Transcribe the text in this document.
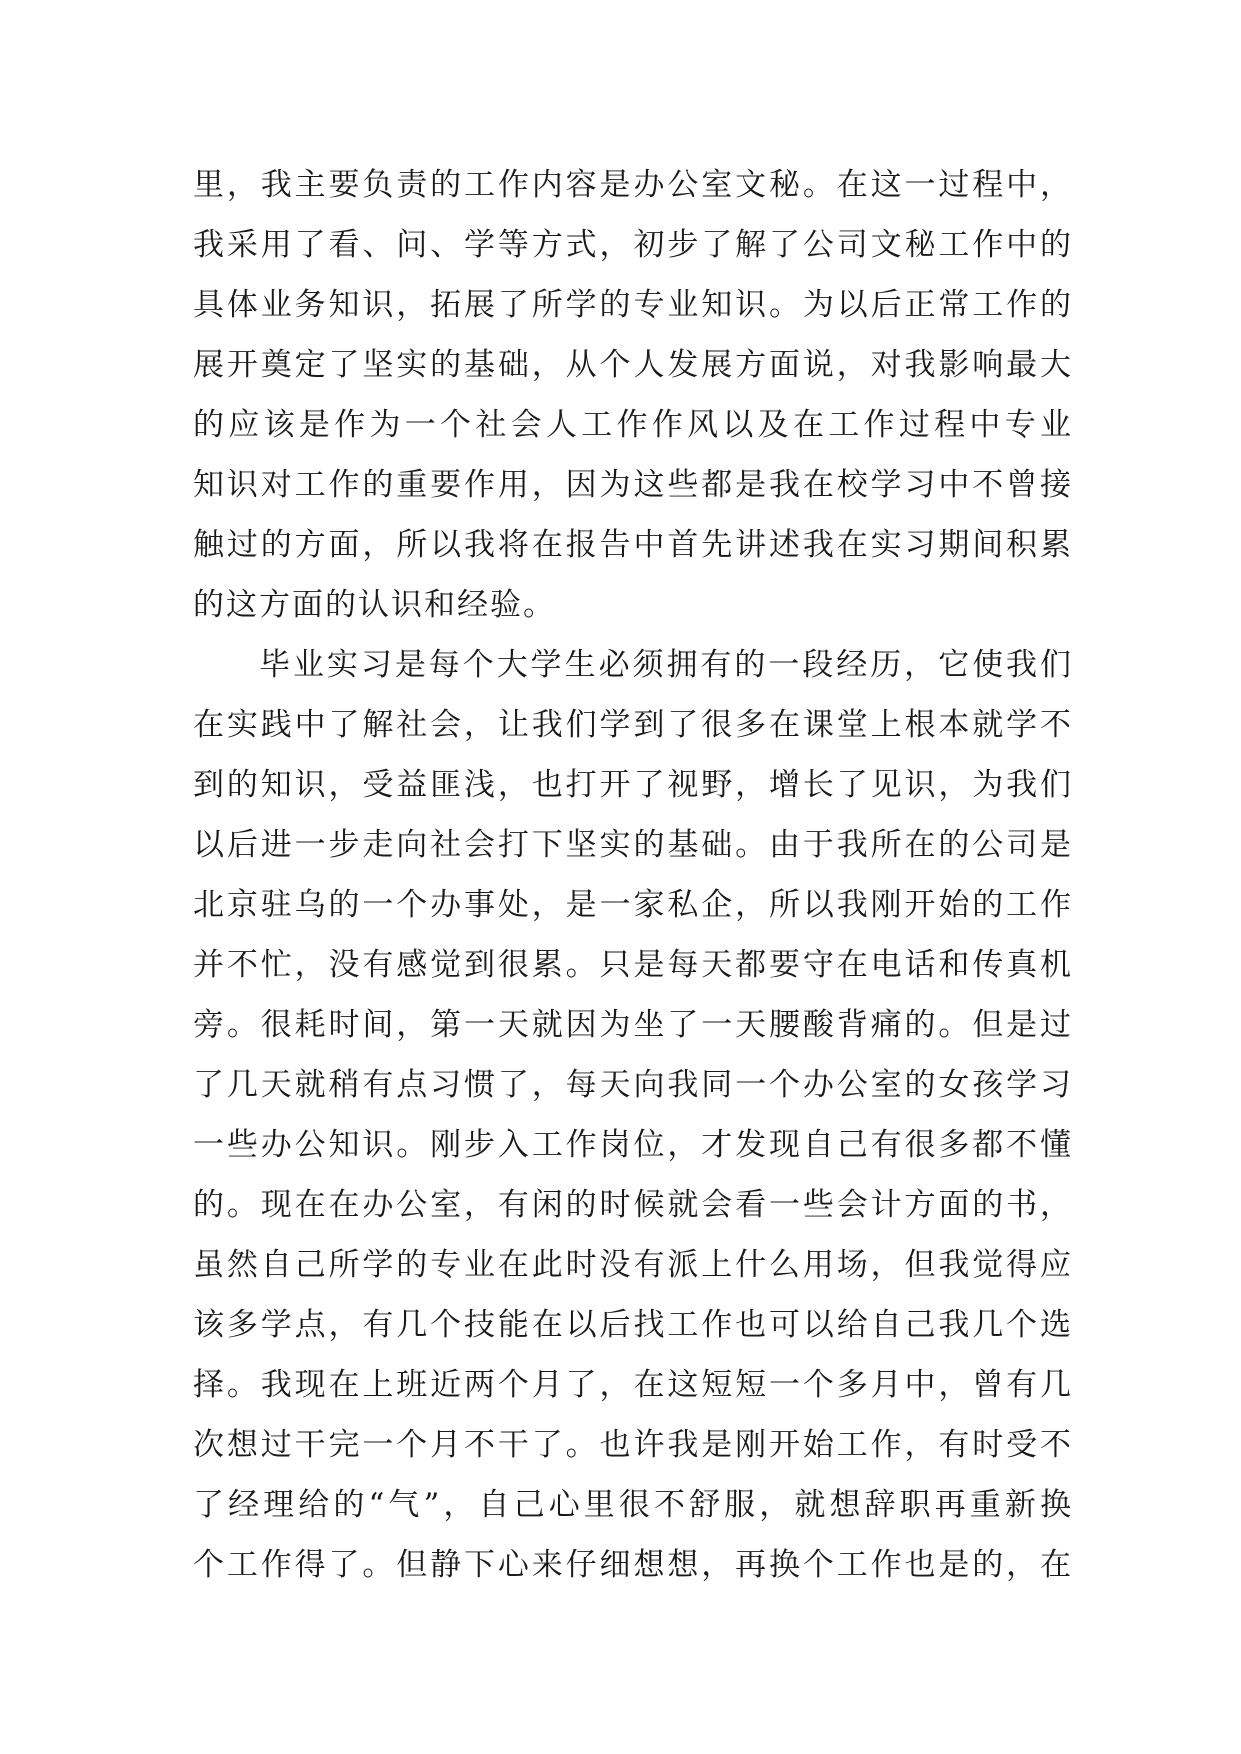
里，我主要负责的工作内容是办公室文秘。在这一过程中，
我采用了看、问、学等方式，初步了解了公司文秘工作中的
具体业务知识，拓展了所学的专业知识。为以后正常工作的
展开奠定了坚实的基础，从个人发展方面说，对我影响最大
的应该是作为一个社会人工作作风以及在工作过程中专业
知识对工作的重要作用，因为这些都是我在校学习中不曾接
触过的方面，所以我将在报告中首先讲述我在实习期间积累
的这方面的认识和经验。
毕业实习是每个大学生必须拥有的一段经历，它使我们
在实践中了解社会，让我们学到了很多在课堂上根本就学不
到的知识，受益匪浅，也打开了视野，增长了见识，为我们
以后进一步走向社会打下坚实的基础。由于我所在的公司是
北京驻乌的一个办事处，是一家私企，所以我刚开始的工作
并不忙，没有感觉到很累。只是每天都要守在电话和传真机
旁。很耗时间，第一天就因为坐了一天腰酸背痛的。但是过
了几天就稍有点习惯了，每天向我同一个办公室的女孩学习
一些办公知识。刚步入工作岗位，才发现自己有很多都不懂
的。现在在办公室，有闲的时候就会看一些会计方面的书，
虽然自己所学的专业在此时没有派上什么用场，但我觉得应
该多学点，有几个技能在以后找工作也可以给自己我几个选
择。我现在上班近两个月了，在这短短一个多月中，曾有几
次想过干完一个月不干了。也许我是刚开始工作，有时受不
了经理给的“气”，自己心里很不舒服，就想辞职再重新换
个工作得了。但静下心来仔细想想，再换个工作也是的，在
